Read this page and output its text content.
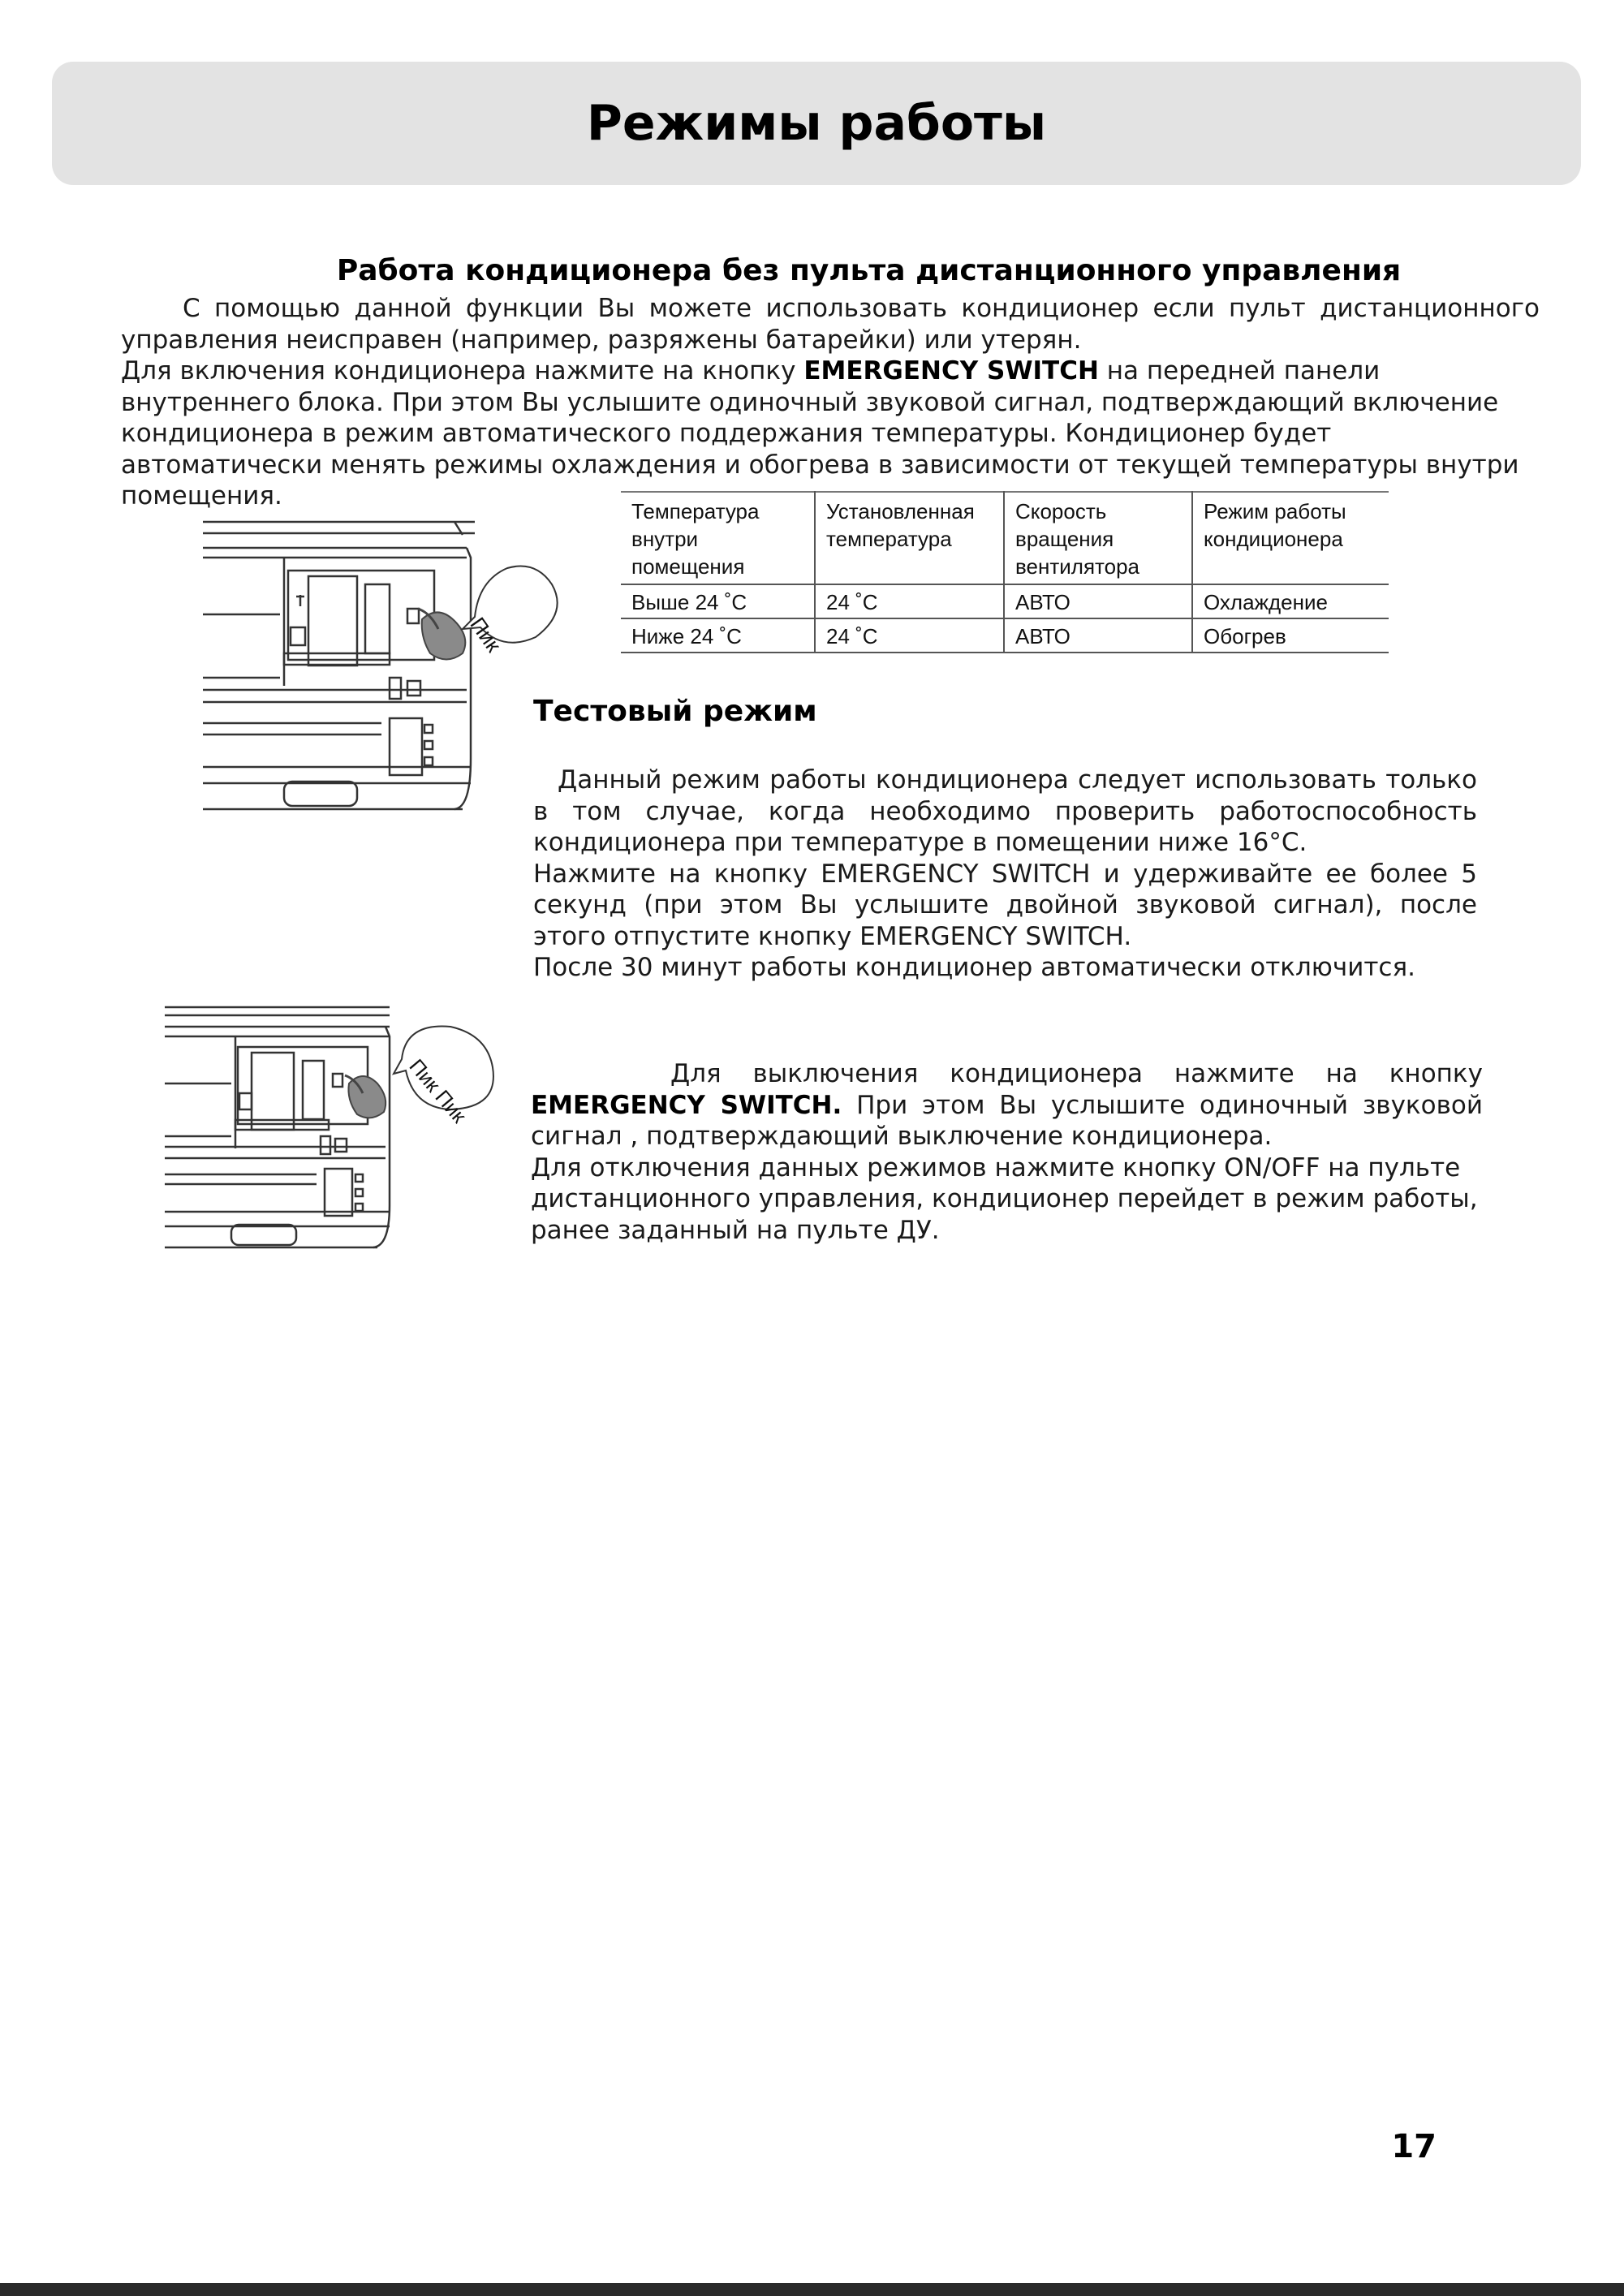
Режимы работы
Работа кондиционера без пульта дистанционного управления

С помощью данной функции Вы можете использовать кондиционер если пульт дистанционного управления неисправен (например, разряжены батарейки) или утерян.

Для включения кондиционера нажмите на кнопку EMERGENCY SWITCH на передней панели внутреннего блока. При этом Вы услышите одиночный звуковой сигнал, подтверждающий включение кондиционера в режим автоматического поддержания температуры. Кондиционер будет автоматически менять режимы охлаждения и обогрева в зависимости от текущей температуры внутри помещения.

Пик
Температура внутри помещения	Установленная температура	Скорость вращения вентилятора	Режим работы кондиционера
Выше 24 ˚C	24 ˚C	АВТО	Охлаждение
Ниже 24 ˚C	24 ˚C	АВТО	Обогрев
Тестовый режим

Данный режим работы кондиционера следует использовать только в том случае, когда необходимо проверить работоспособность кондиционера при температуре в помещении ниже 16°C.

Нажмите на кнопку EMERGENCY SWITCH и удерживайте ее более 5 секунд (при этом Вы услышите двойной звуковой сигнал), после этого отпустите кнопку EMERGENCY SWITCH.

После 30 минут работы кондиционер автоматически отключится.

Пик Пик	Для выключения кондиционера нажмите на кнопку EMERGENCY SWITCH. При этом Вы услышите одиночный звуковой сигнал , подтверждающий выключение кондиционера.

Для отключения данных режимов нажмите кнопку ON/OFF на пульте дистанционного управления, кондиционер перейдет в режим работы, ранее заданный на пульте ДУ.

17
